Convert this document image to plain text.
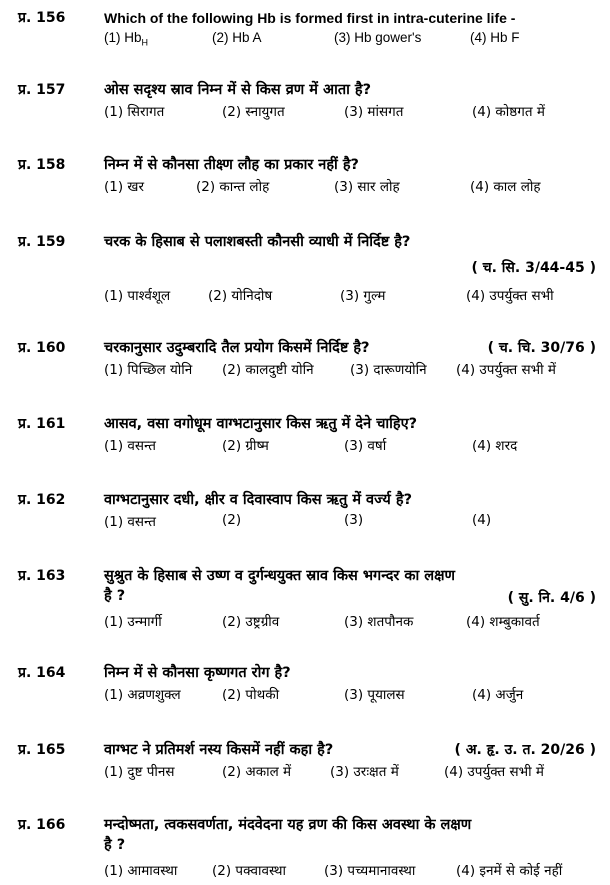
प्र. 156	Which of the following Hb is formed first in intra-cuterine life -
(1) $Hb_H$	(2) Hb A	(3) Hb gower's	(4) Hb F
प्र. 157	ओस सदृश्य स्राव निम्न में से किस व्रण में आता है?
(1) सिरागत	(2) स्नायुगत	(3) मांसगत	(4) कोष्ठगत में
प्र. 158	निम्न में से कौनसा तीक्ष्ण लौह का प्रकार नहीं है?
(1) खर	(2) कान्त लोह	(3) सार लोह	(4) काल लोह
प्र. 159	चरक के हिसाब से पलाशबस्ती कौनसी व्याधी में निर्दिष्ट है?
( च. सि. 3/44-45 )
(1) पार्श्वशूल	(2) योनिदोष	(3) गुल्म	(4) उपर्युक्त सभी
प्र. 160	चरकानुसार उदुम्बरादि तैल प्रयोग किसमें निर्दिष्ट है?	( च. चि. 30/76 )
(1) पिच्छिल योनि (2) कालदुष्टी योनि	(3) दारूणयोनि (4) उपर्युक्त सभी में
प्र. 161	आसव, वसा वगोधूम वाग्भटानुसार किस ऋतु में देने चाहिए?
(1) वसन्त	(2) ग्रीष्म	(3) वर्षा	(4) शरद
प्र. 162	वाग्भटानुसार दधी, क्षीर व दिवास्वाप किस ऋतु में वर्ज्य है?
(1) वसन्त	(2)	(3)	(4)
प्र. 163	सुश्रुत के हिसाब से उष्ण व दुर्गन्धयुक्त स्राव किस भगन्दर का लक्षण
है ?	( सु. नि. 4/6 )
(1) उन्मार्गी	(2) उष्ट्रग्रीव	(3) शतपौनक	(4) शम्बुकावर्त
प्र. 164	निम्न में से कौनसा कृष्णगत रोग है?
(1) अव्रणशुक्ल	(2) पोथकी	(3) पूयालस	(4) अर्जुन
प्र. 165	वाग्भट ने प्रतिमर्श नस्य किसमें नहीं कहा है?	( अ. हृ. उ. त. 20/26 )
(1) दुष्ट पीनस	(2) अकाल में	(3) उरःक्षत में	(4) उपर्युक्त सभी में
प्र. 166	मन्दोष्मता, त्वकसवर्णता, मंदवेदना यह व्रण की किस अवस्था के लक्षण
है ?
(1) आमावस्था	(2) पक्वावस्था	(3) पच्यमानावस्था	(4) इनमें से कोई नहीं
